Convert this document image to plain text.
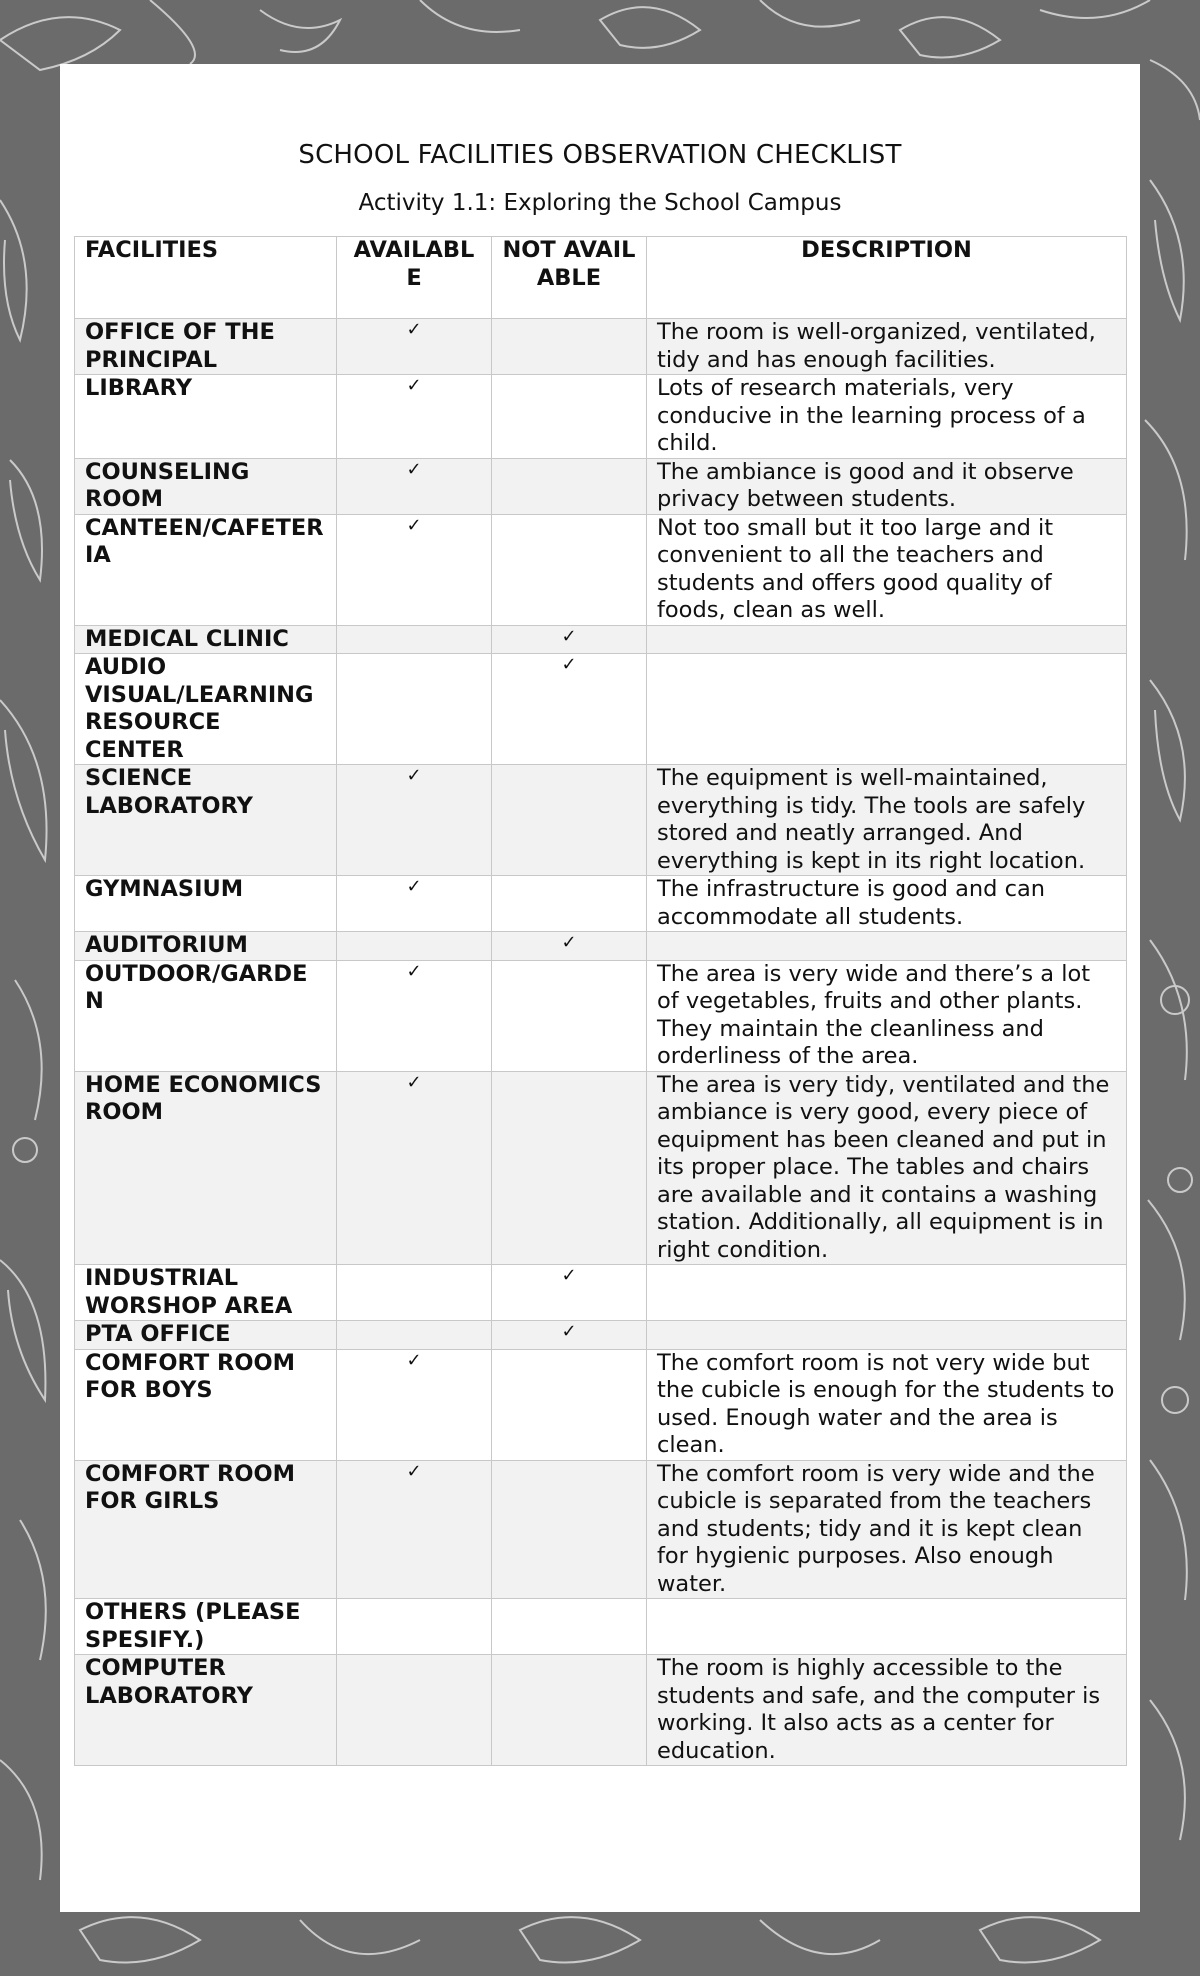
SCHOOL FACILITIES OBSERVATION CHECKLIST
Activity 1.1: Exploring the School Campus
FACILITIES	AVAILABLE	NOT AVAILABLE	DESCRIPTION
OFFICE OF THE PRINCIPAL	✓		The room is well-organized, ventilated, tidy and has enough facilities.
LIBRARY	✓		Lots of research materials, very conducive in the learning process of a child.
COUNSELING ROOM	✓		The ambiance is good and it observe privacy between students.
CANTEEN/CAFETERIA	✓		Not too small but it too large and it convenient to all the teachers and students and offers good quality of foods, clean as well.
MEDICAL CLINIC		✓	
AUDIO VISUAL/LEARNING RESOURCE CENTER		✓	
SCIENCE LABORATORY	✓		The equipment is well-maintained, everything is tidy. The tools are safely stored and neatly arranged. And everything is kept in its right location.
GYMNASIUM	✓		The infrastructure is good and can accommodate all students.
AUDITORIUM		✓	
OUTDOOR/GARDEN	✓		The area is very wide and there’s a lot of vegetables, fruits and other plants. They maintain the cleanliness and orderliness of the area.
HOME ECONOMICS ROOM	✓		The area is very tidy, ventilated and the ambiance is very good, every piece of equipment has been cleaned and put in its proper place. The tables and chairs are available and it contains a washing station. Additionally, all equipment is in right condition.
INDUSTRIAL WORSHOP AREA		✓	
PTA OFFICE		✓	
COMFORT ROOM FOR BOYS	✓		The comfort room is not very wide but the cubicle is enough for the students to used. Enough water and the area is clean.
COMFORT ROOM FOR GIRLS	✓		The comfort room is very wide and the cubicle is separated from the teachers and students; tidy and it is kept clean for hygienic purposes. Also enough water.
OTHERS (PLEASE SPESIFY.)			
COMPUTER LABORATORY			The room is highly accessible to the students and safe, and the computer is working. It also acts as a center for education.
